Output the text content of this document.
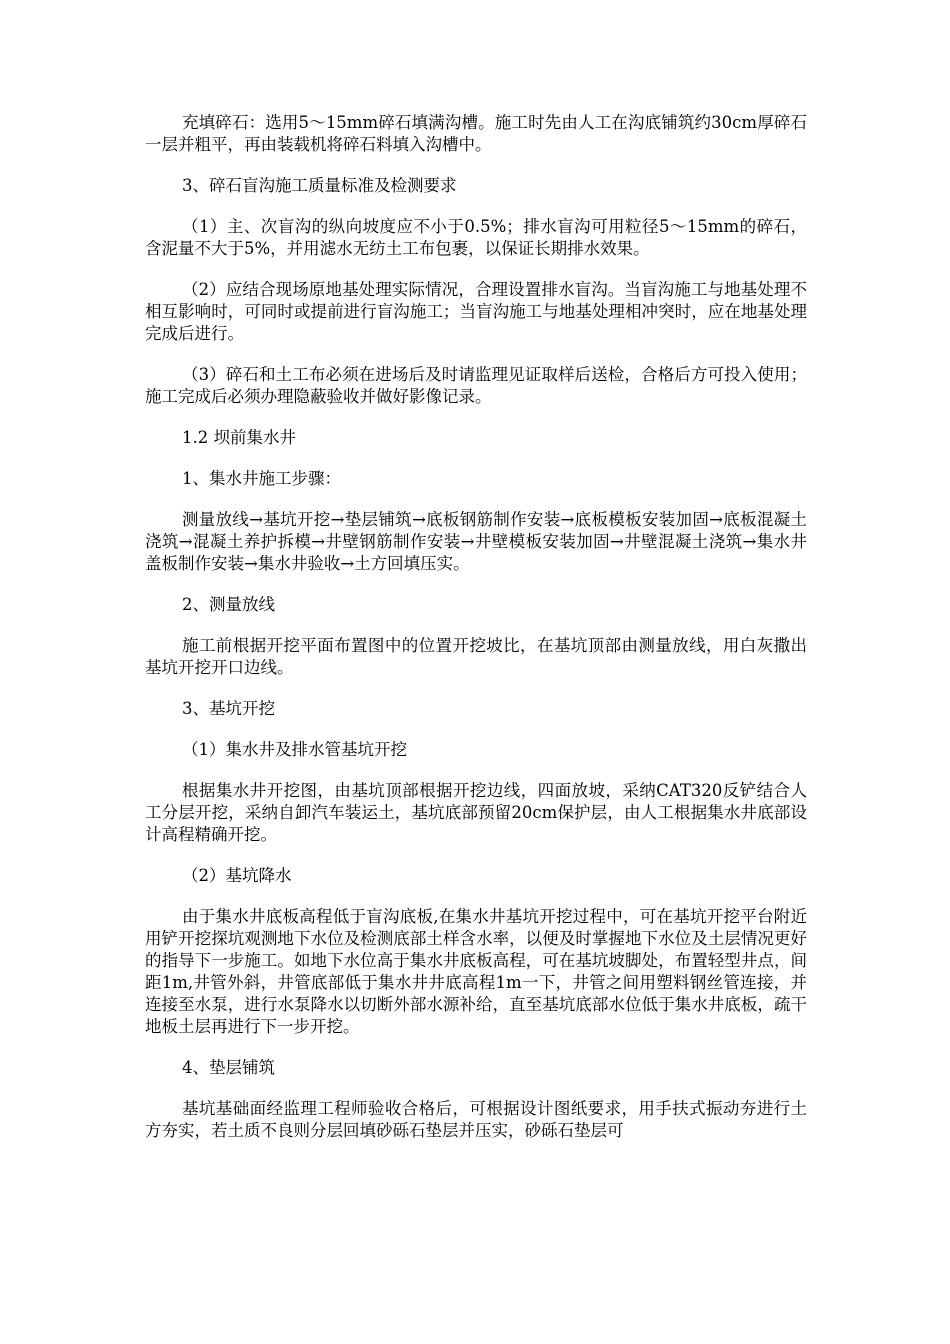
充填碎石：选用5～15mm碎石填满沟槽。施工时先由人工在沟底铺筑约30cm厚碎石一层并粗平，再由装载机将碎石料填入沟槽中。

3、碎石盲沟施工质量标准及检测要求

（1）主、次盲沟的纵向坡度应不小于0.5%；排水盲沟可用粒径5～15mm的碎石，含泥量不大于5%，并用滤水无纺土工布包裹，以保证长期排水效果。

（2）应结合现场原地基处理实际情况，合理设置排水盲沟。当盲沟施工与地基处理不相互影响时，可同时或提前进行盲沟施工；当盲沟施工与地基处理相冲突时，应在地基处理完成后进行。

（3）碎石和土工布必须在进场后及时请监理见证取样后送检，合格后方可投入使用；施工完成后必须办理隐蔽验收并做好影像记录。

1.2 坝前集水井

1、集水井施工步骤：

测量放线→基坑开挖→垫层铺筑→底板钢筋制作安装→底板模板安装加固→底板混凝土浇筑→混凝土养护拆模→井壁钢筋制作安装→井壁模板安装加固→井壁混凝土浇筑→集水井盖板制作安装→集水井验收→土方回填压实。

2、测量放线

施工前根据开挖平面布置图中的位置开挖坡比，在基坑顶部由测量放线，用白灰撒出基坑开挖开口边线。

3、基坑开挖

（1）集水井及排水管基坑开挖

根据集水井开挖图，由基坑顶部根据开挖边线，四面放坡，采纳CAT320反铲结合人工分层开挖，采纳自卸汽车装运土，基坑底部预留20cm保护层，由人工根据集水井底部设计高程精确开挖。

（2）基坑降水

由于集水井底板高程低于盲沟底板,在集水井基坑开挖过程中，可在基坑开挖平台附近用铲开挖探坑观测地下水位及检测底部土样含水率，以便及时掌握地下水位及土层情况更好的指导下一步施工。如地下水位高于集水井底板高程，可在基坑坡脚处，布置轻型井点，间距1m,井管外斜，井管底部低于集水井井底高程1m一下，井管之间用塑料钢丝管连接，并连接至水泵，进行水泵降水以切断外部水源补给，直至基坑底部水位低于集水井底板，疏干地板土层再进行下一步开挖。

4、垫层铺筑

基坑基础面经监理工程师验收合格后，可根据设计图纸要求，用手扶式振动夯进行土方夯实，若土质不良则分层回填砂砾石垫层并压实，砂砾石垫层可
